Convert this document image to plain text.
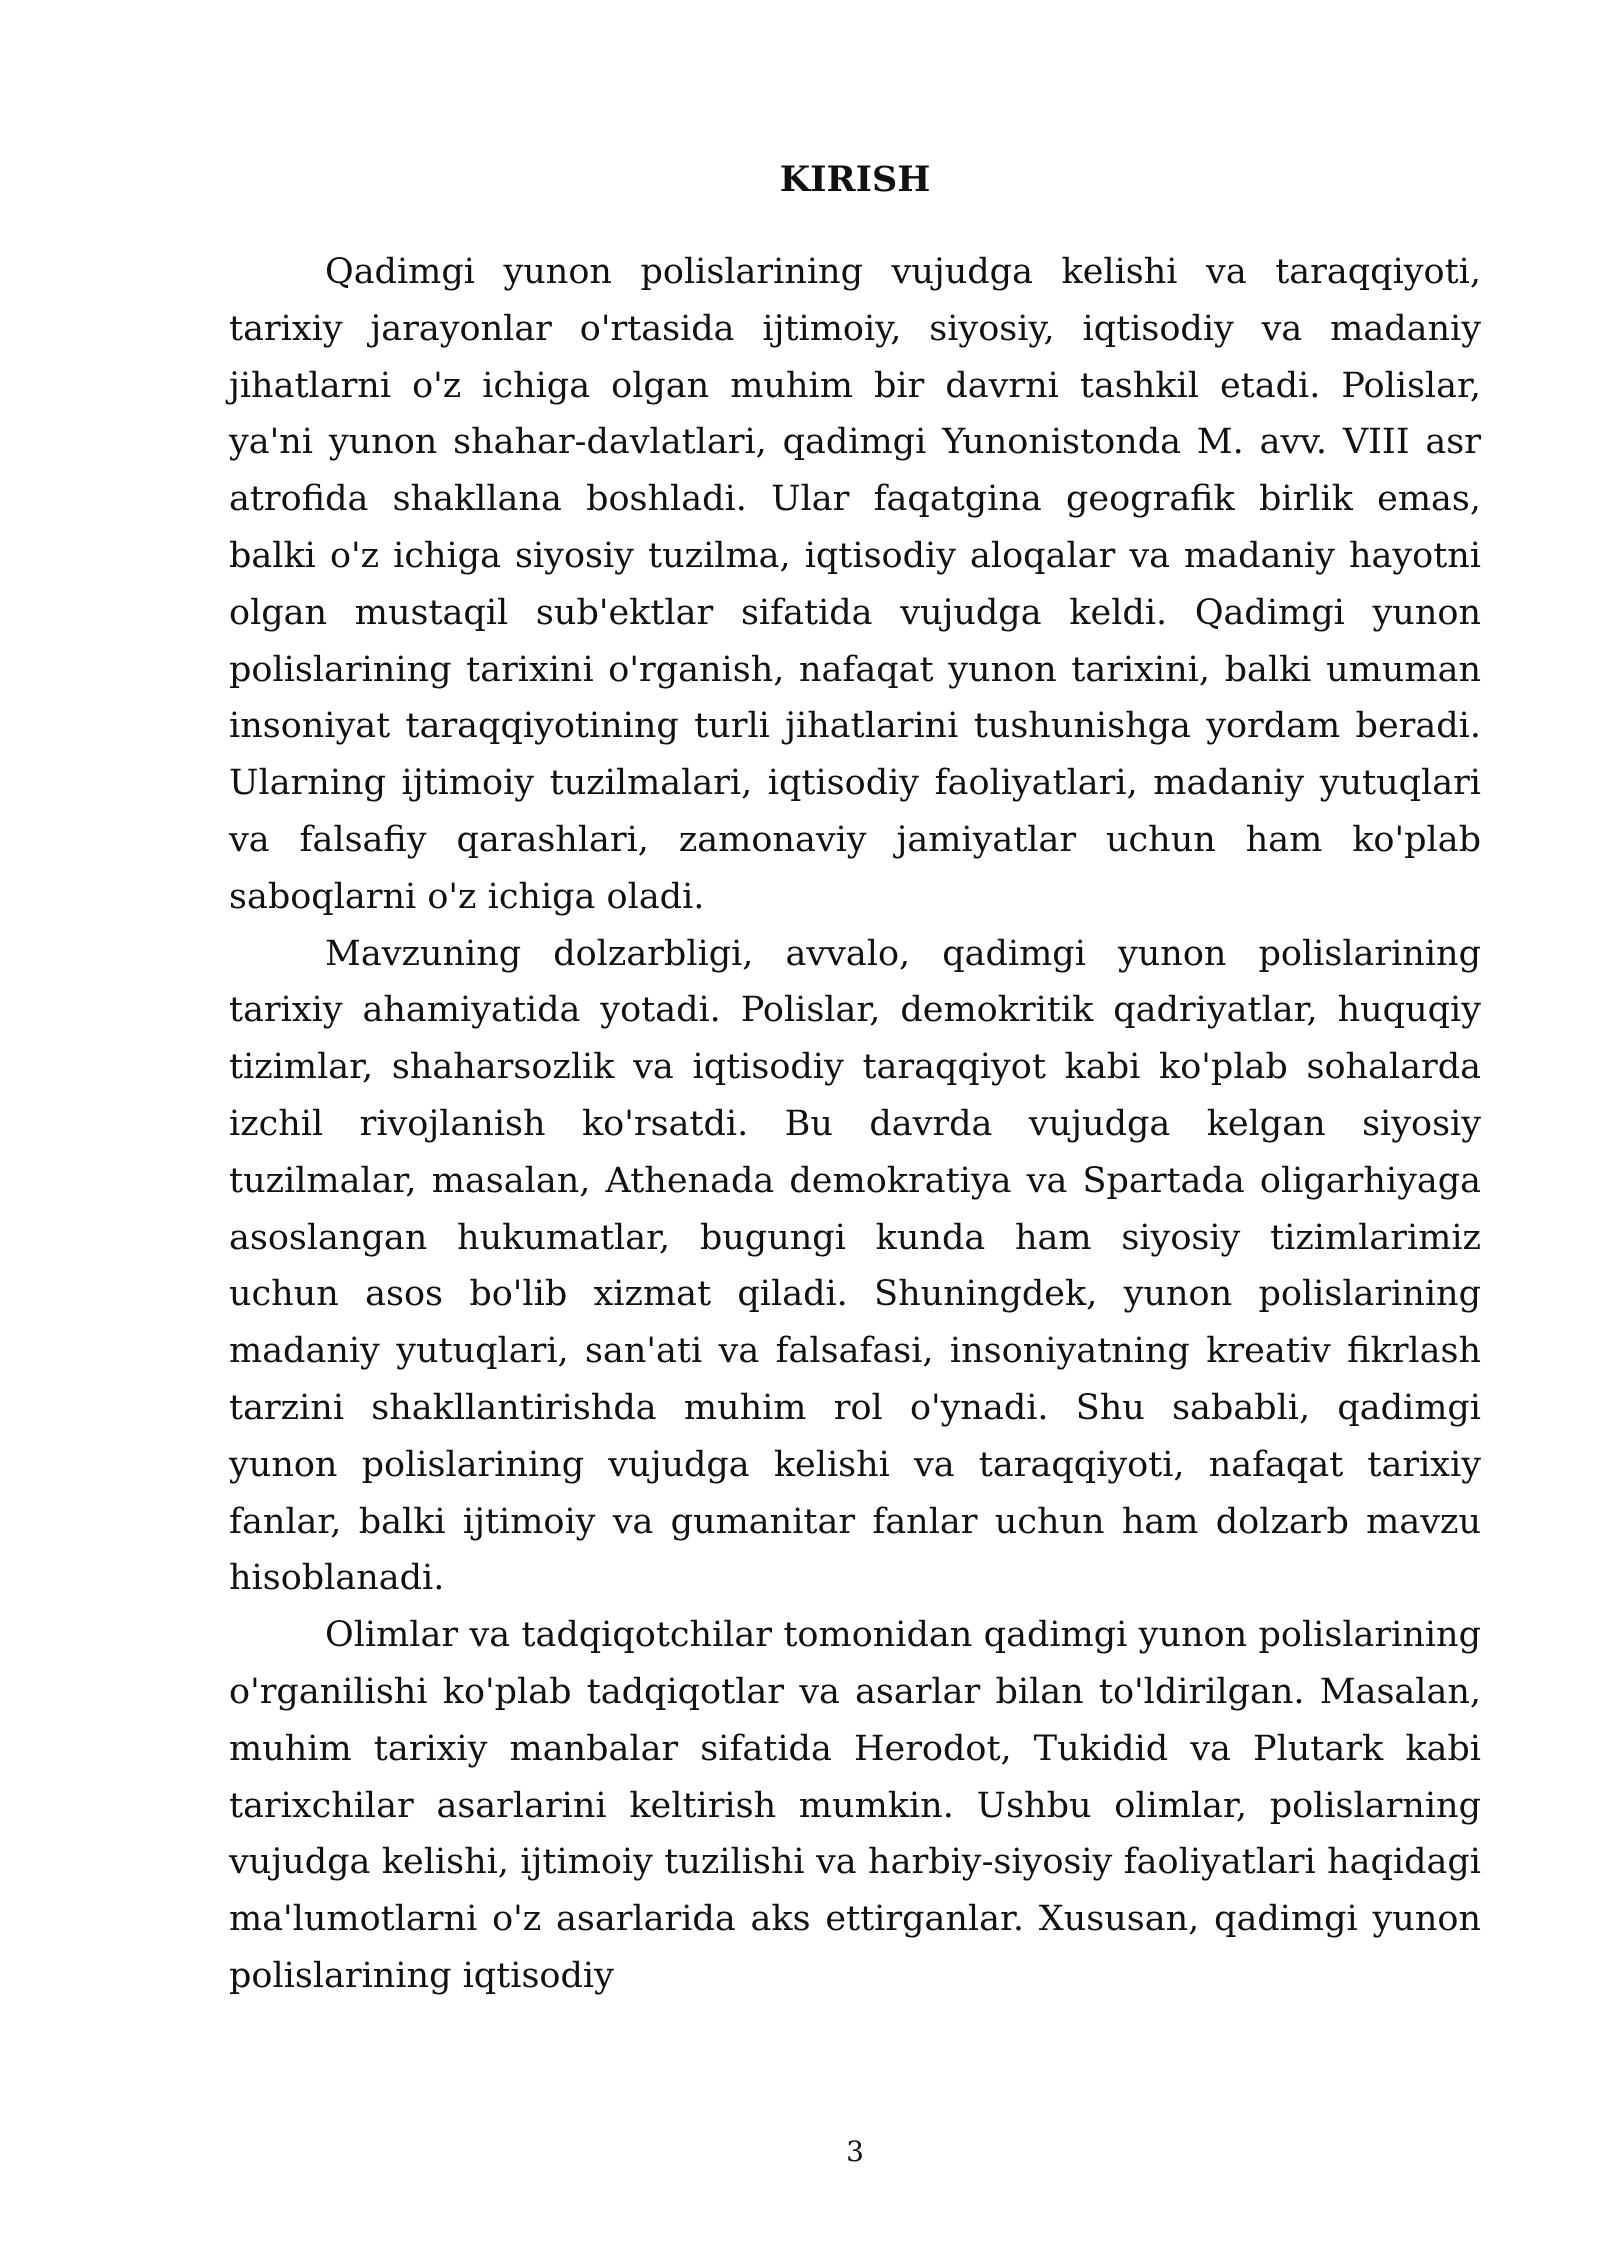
KIRISH

Qadimgi yunon polislarining vujudga kelishi va taraqqiyoti, tarixiy jarayonlar o'rtasida ijtimoiy, siyosiy, iqtisodiy va madaniy jihatlarni o'z ichiga olgan muhim bir davrni tashkil etadi. Polislar, ya'ni yunon shahar-davlatlari, qadimgi Yunonistonda M. avv. VIII asr atrofida shakllana boshladi. Ular faqatgina geografik birlik emas, balki o'z ichiga siyosiy tuzilma, iqtisodiy aloqalar va madaniy hayotni olgan mustaqil sub'ektlar sifatida vujudga keldi. Qadimgi yunon polislarining tarixini o'rganish, nafaqat yunon tarixini, balki umuman insoniyat taraqqiyotining turli jihatlarini tushunishga yordam beradi. Ularning ijtimoiy tuzilmalari, iqtisodiy faoliyatlari, madaniy yutuqlari va falsafiy qarashlari, zamonaviy jamiyatlar uchun ham ko'plab saboqlarni o'z ichiga oladi.

Mavzuning dolzarbligi, avvalo, qadimgi yunon polislarining tarixiy ahamiyatida yotadi. Polislar, demokritik qadriyatlar, huquqiy tizimlar, shaharsozlik va iqtisodiy taraqqiyot kabi ko'plab sohalarda izchil rivojlanish ko'rsatdi. Bu davrda vujudga kelgan siyosiy tuzilmalar, masalan, Athenada demokratiya va Spartada oligarhiyaga asoslangan hukumatlar, bugungi kunda ham siyosiy tizimlarimiz uchun asos bo'lib xizmat qiladi. Shuningdek, yunon polislarining madaniy yutuqlari, san'ati va falsafasi, insoniyatning kreativ fikrlash tarzini shakllantirishda muhim rol o'ynadi. Shu sababli, qadimgi yunon polislarining vujudga kelishi va taraqqiyoti, nafaqat tarixiy fanlar, balki ijtimoiy va gumanitar fanlar uchun ham dolzarb mavzu hisoblanadi.

Olimlar va tadqiqotchilar tomonidan qadimgi yunon polislarining o'rganilishi ko'plab tadqiqotlar va asarlar bilan to'ldirilgan. Masalan, muhim tarixiy manbalar sifatida Herodot, Tukidid va Plutark kabi tarixchilar asarlarini keltirish mumkin. Ushbu olimlar, polislarning vujudga kelishi, ijtimoiy tuzilishi va harbiy-siyosiy faoliyatlari haqidagi ma'lumotlarni o'z asarlarida aks ettirganlar. Xususan, qadimgi yunon polislarining iqtisodiy

3
